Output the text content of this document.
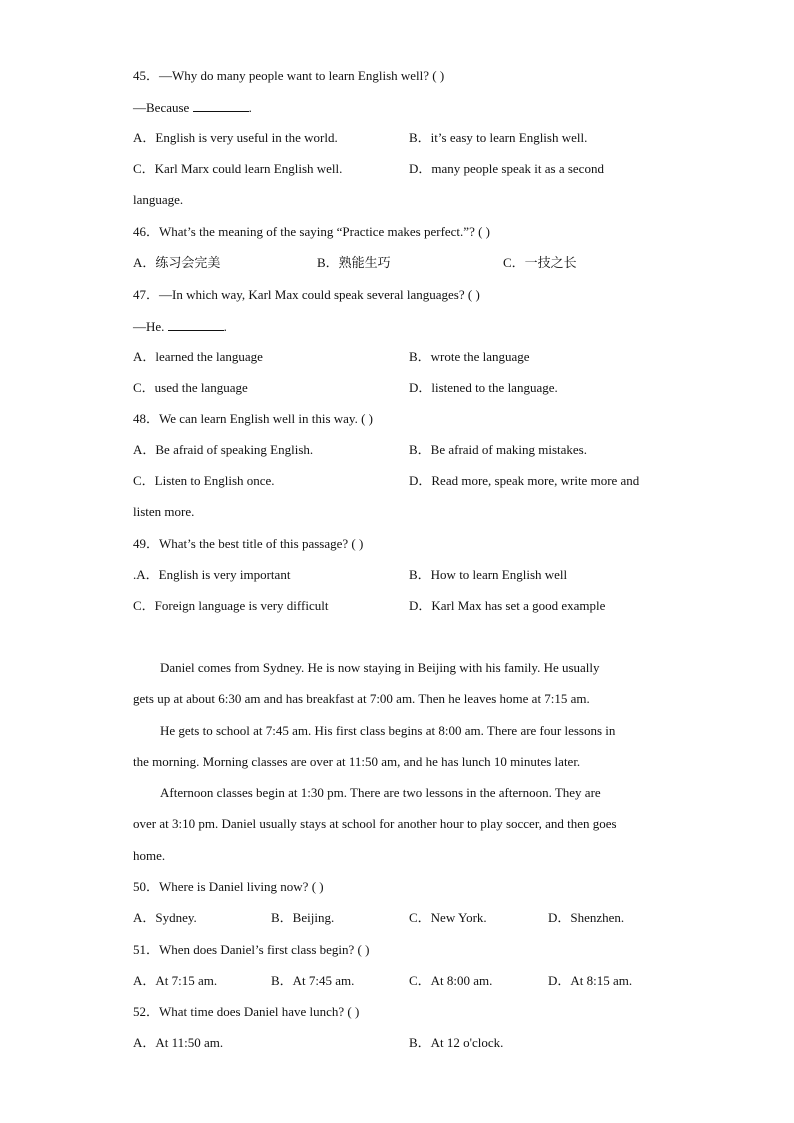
45．—Why do many people want to learn English well? ( )
—Because	.
A．English is very useful in the world.	B．it’s easy to learn English well.
C．Karl Marx could learn English well.	D．many people speak it as a second
language.
46．What’s the meaning of the saying “Practice makes perfect.”? ( )
A．练习会完美	B．熟能生巧	C．一技之长
47．—In which way, Karl Max could speak several languages? ( )
—He.	.
A．learned the language	B．wrote the language
C．used the language	D．listened to the language.
48．We can learn English well in this way. ( )
A．Be afraid of speaking English.	B．Be afraid of making mistakes.
C．Listen to English once.	D．Read more, speak more, write more and
listen more.
49．What’s the best title of this passage? ( )
.A．English is very important	B．How to learn English well
C．Foreign language is very difficult	D．Karl Max has set a good example
Daniel comes from Sydney. He is now staying in Beijing with his family. He usually
gets up at about 6:30 am and has breakfast at 7:00 am. Then he leaves home at 7:15 am.
He gets to school at 7:45 am. His first class begins at 8:00 am. There are four lessons in
the morning. Morning classes are over at 11:50 am, and he has lunch 10 minutes later.
Afternoon classes begin at 1:30 pm. There are two lessons in the afternoon. They are
over at 3:10 pm. Daniel usually stays at school for another hour to play soccer, and then goes
home.
50．Where is Daniel living now? ( )
A．Sydney.	B．Beijing.	C．New York.	D．Shenzhen.
51．When does Daniel’s first class begin? ( )
A．At 7:15 am.	B．At 7:45 am.	C．At 8:00 am.	D．At 8:15 am.
52．What time does Daniel have lunch? ( )
A．At 11:50 am.	B．At 12 o'clock.
